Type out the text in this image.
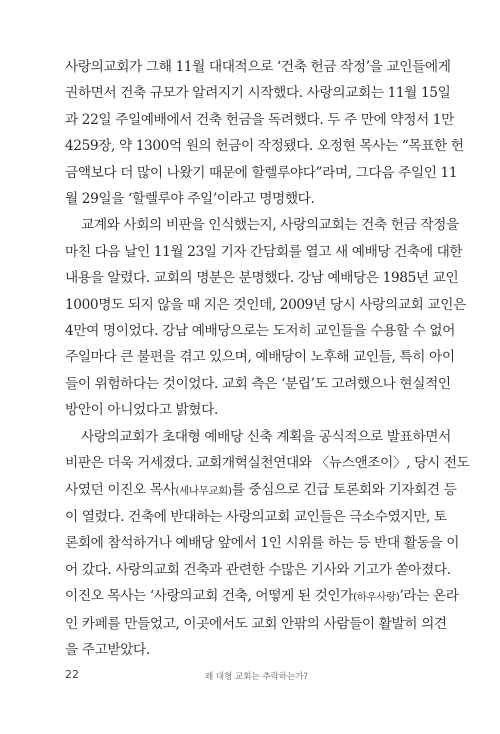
사랑의교회가 그해 11월 대대적으로 ‘건축 헌금 작정’을 교인들에게
권하면서 건축 규모가 알려지기 시작했다. 사랑의교회는 11월 15일
과 22일 주일예배에서 건축 헌금을 독려했다. 두 주 만에 약정서 1만
4259장, 약 1300억 원의 헌금이 작정됐다. 오정현 목사는 “목표한 헌
금액보다 더 많이 나왔기 때문에 할렐루야다”라며, 그다음 주일인 11
월 29일을 ‘할렐루야 주일’이라고 명명했다.

교계와 사회의 비판을 인식했는지, 사랑의교회는 건축 헌금 작정을
마친 다음 날인 11월 23일 기자 간담회를 열고 새 예배당 건축에 대한
내용을 알렸다. 교회의 명분은 분명했다. 강남 예배당은 1985년 교인
1000명도 되지 않을 때 지은 것인데, 2009년 당시 사랑의교회 교인은
4만여 명이었다. 강남 예배당으로는 도저히 교인들을 수용할 수 없어
주일마다 큰 불편을 겪고 있으며, 예배당이 노후해 교인들, 특히 아이
들이 위험하다는 것이었다. 교회 측은 ‘분립’도 고려했으나 현실적인
방안이 아니었다고 밝혔다.

사랑의교회가 초대형 예배당 신축 계획을 공식적으로 발표하면서
비판은 더욱 거세졌다. 교회개혁실천연대와 〈뉴스앤조이〉, 당시 전도
사였던 이진오 목사(세나무교회)를 중심으로 긴급 토론회와 기자회견 등
이 열렸다. 건축에 반대하는 사랑의교회 교인들은 극소수였지만, 토
론회에 참석하거나 예배당 앞에서 1인 시위를 하는 등 반대 활동을 이
어 갔다. 사랑의교회 건축과 관련한 수많은 기사와 기고가 쏟아졌다.
이진오 목사는 ‘사랑의교회 건축, 어떻게 된 것인가(하우사랑)’라는 온라
인 카페를 만들었고, 이곳에서도 교회 안팎의 사람들이 활발히 의견
을 주고받았다.

22	왜 대형 교회는 추락하는가?
